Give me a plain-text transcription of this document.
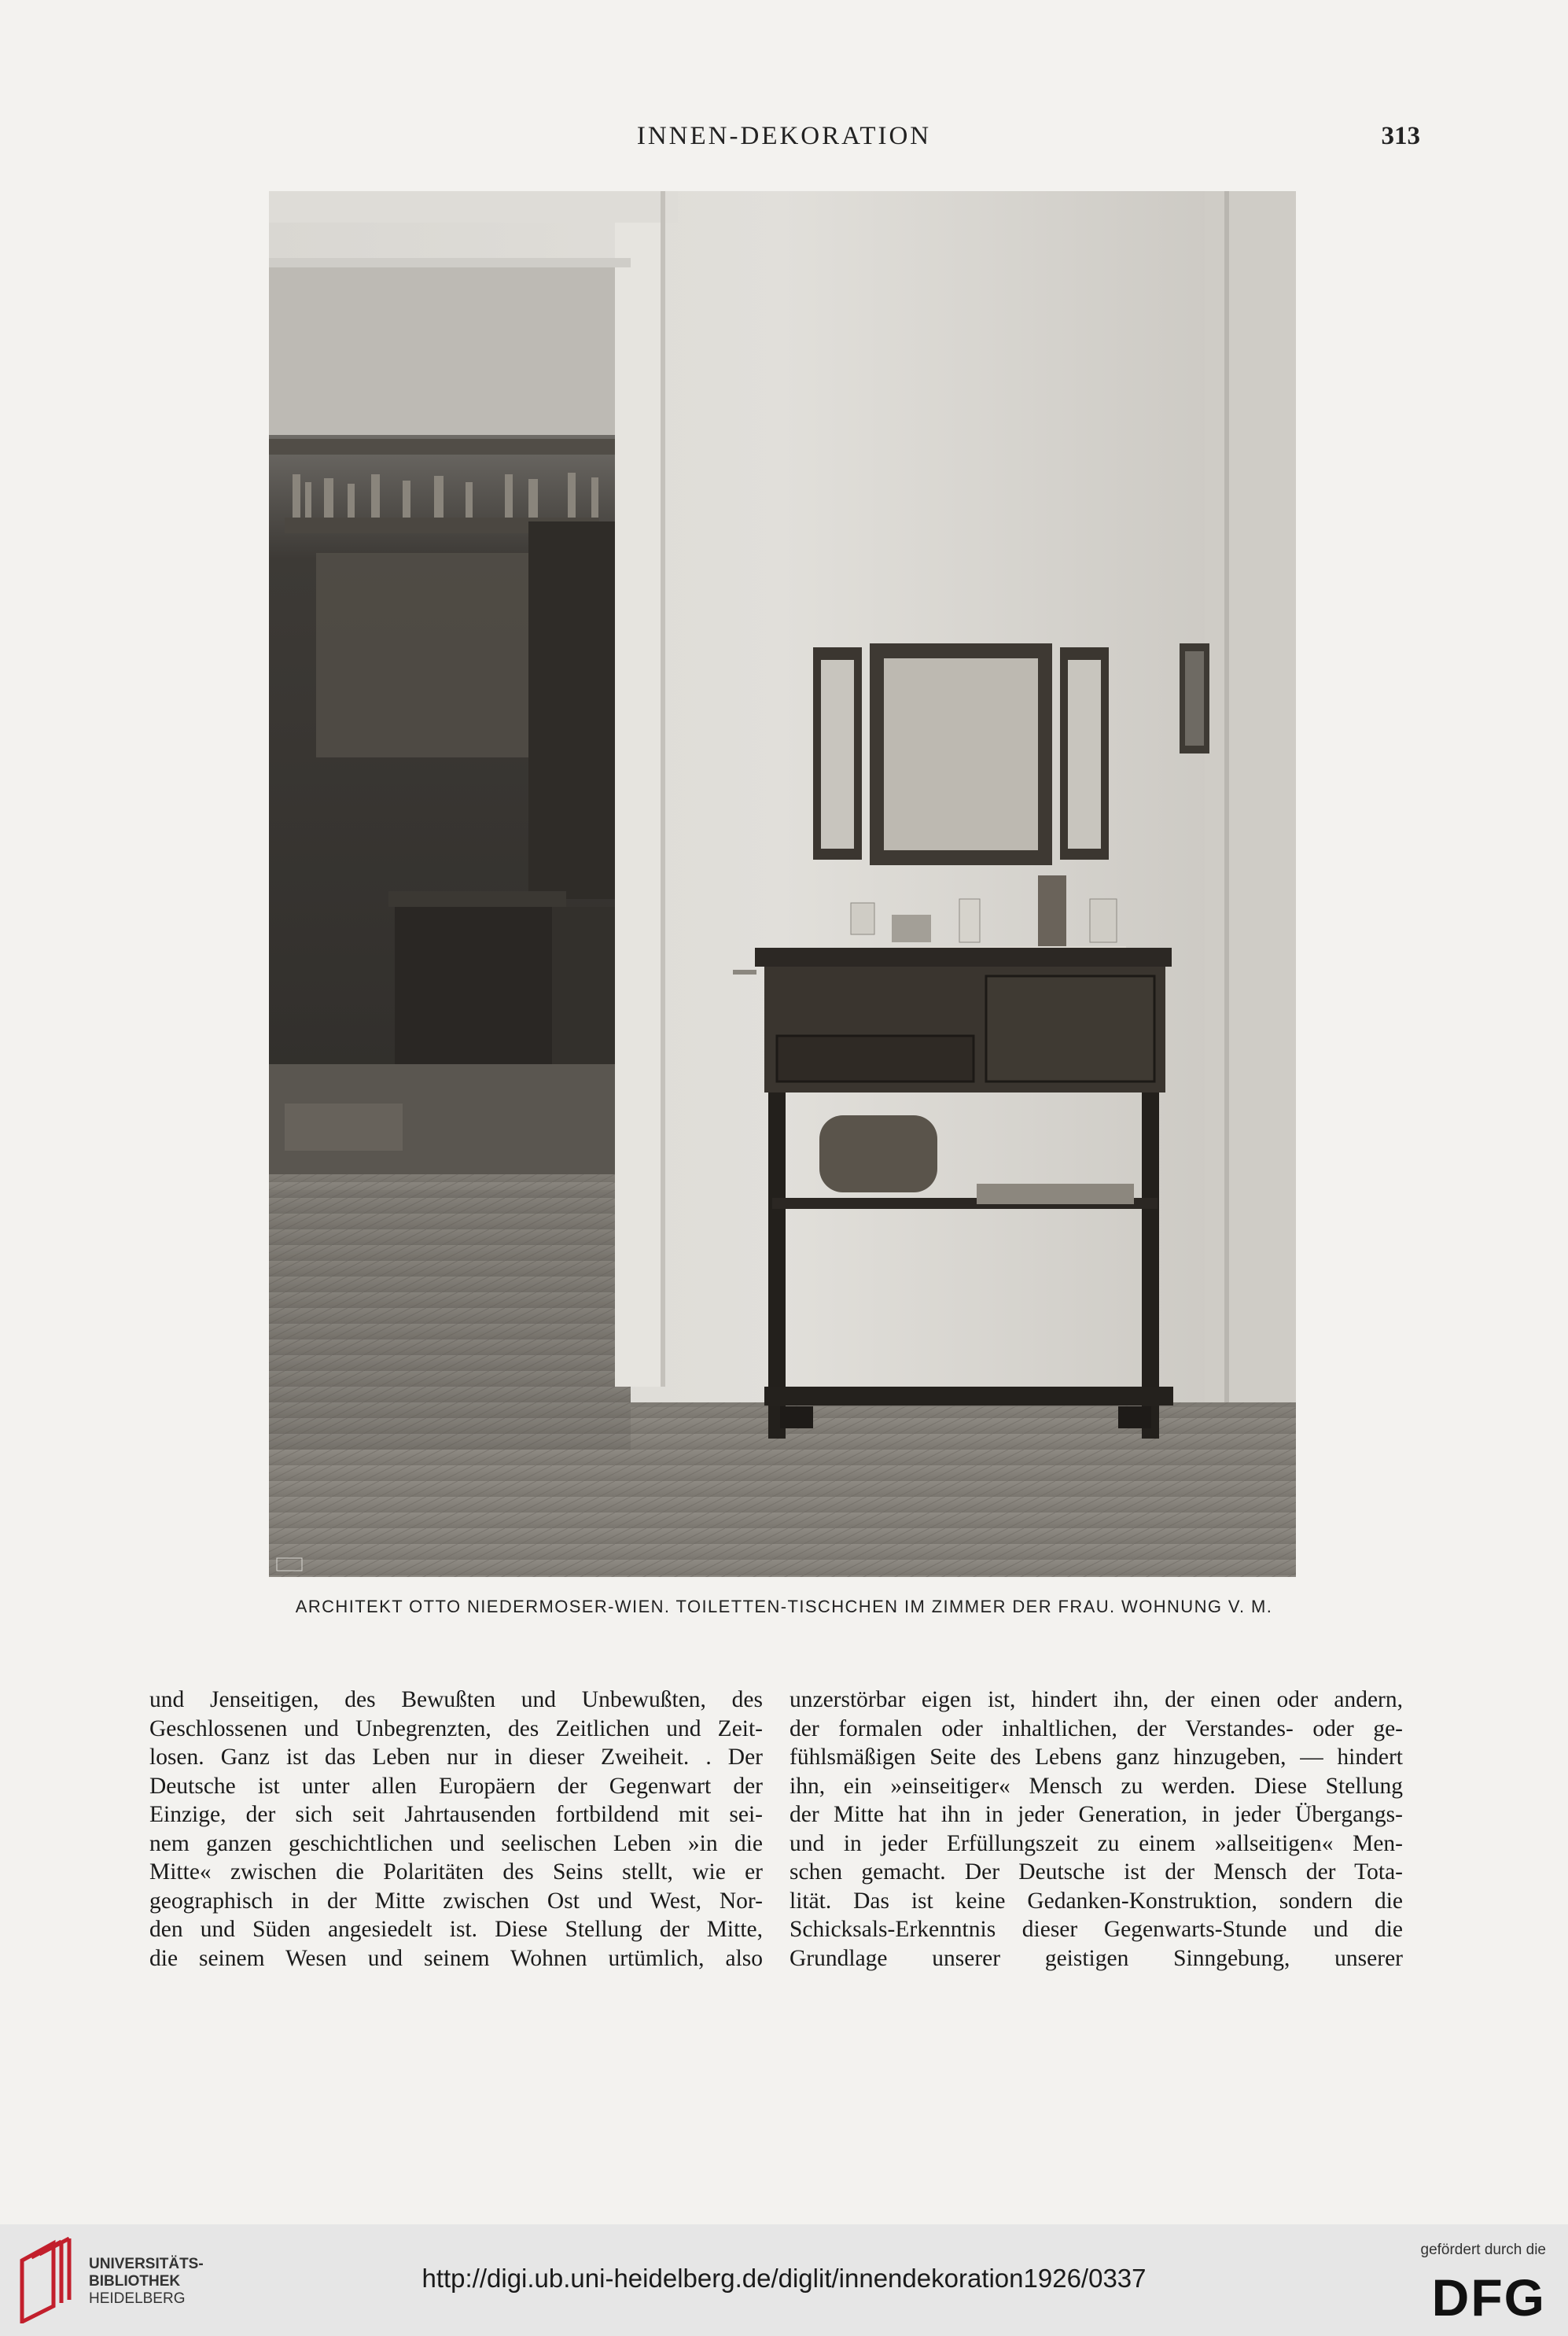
INNEN-DEKORATION	313
ARCHITEKT OTTO NIEDERMOSER-WIEN. TOILETTEN-TISCHCHEN IM ZIMMER DER FRAU. WOHNUNG V. M.
und Jenseitigen, des Bewußten und Unbewußten, des
Geschlossenen und Unbegrenzten, des Zeitlichen und Zeit-
losen. Ganz ist das Leben nur in dieser Zweiheit. . Der
Deutsche ist unter allen Europäern der Gegenwart der
Einzige, der sich seit Jahrtausenden fortbildend mit sei-
nem ganzen geschichtlichen und seelischen Leben »in die
Mitte« zwischen die Polaritäten des Seins stellt, wie er
geographisch in der Mitte zwischen Ost und West, Nor-
den und Süden angesiedelt ist. Diese Stellung der Mitte,
die seinem Wesen und seinem Wohnen urtümlich, also
unzerstörbar eigen ist, hindert ihn, der einen oder andern,
der formalen oder inhaltlichen, der Verstandes- oder ge-
fühlsmäßigen Seite des Lebens ganz hinzugeben, — hindert
ihn, ein »einseitiger« Mensch zu werden. Diese Stellung
der Mitte hat ihn in jeder Generation, in jeder Übergangs-
und in jeder Erfüllungszeit zu einem »allseitigen« Men-
schen gemacht. Der Deutsche ist der Mensch der Tota-
lität. Das ist keine Gedanken-Konstruktion, sondern die
Schicksals-Erkenntnis dieser Gegenwarts-Stunde und die
Grundlage unserer geistigen Sinngebung, unserer
UNIVERSITÄTS-
BIBLIOTHEK
HEIDELBERG
http://digi.ub.uni-heidelberg.de/diglit/innendekoration1926/0337
gefördert durch die
DFG
